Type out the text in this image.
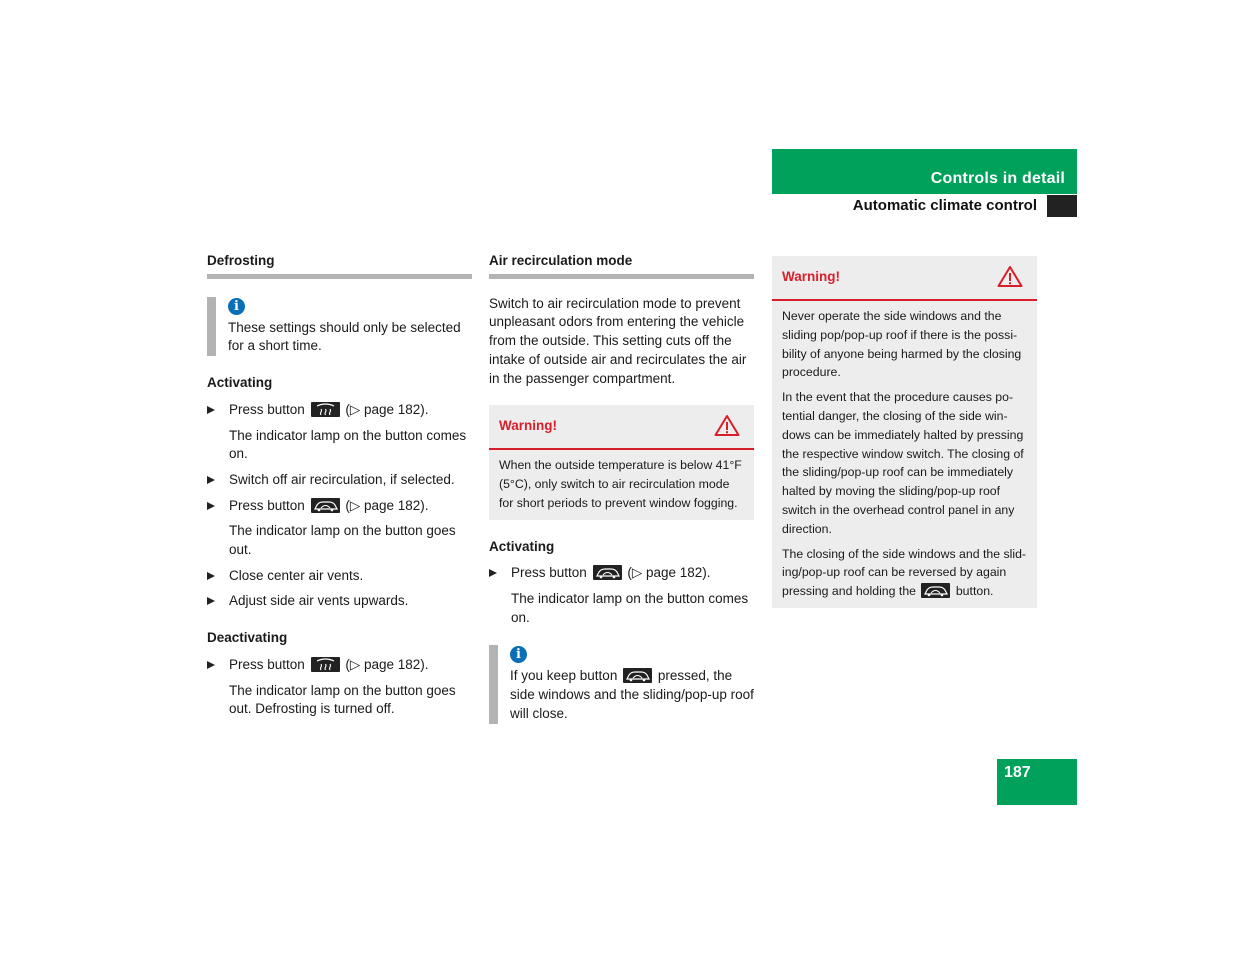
Controls in detail
Automatic climate control
Defrosting
i
These settings should only be selected for a short time.
Activating
Press button	(▷ page 182).
The indicator lamp on the button comes on.
Switch off air recirculation, if selected.
Press button	(▷ page 182).
The indicator lamp on the button goes out.
Close center air vents.
Adjust side air vents upwards.
Deactivating
Press button	(▷ page 182).
The indicator lamp on the button goes out. Defrosting is turned off.
Air recirculation mode

Switch to air recirculation mode to prevent unpleasant odors from entering the vehicle from the outside. This setting cuts off the intake of outside air and recirculates the air in the passenger compartment.

Warning!
When the outside temperature is below 41°F (5°C), only switch to air recirculation mode for short periods to prevent window fogging.
Activating
Press button	(▷ page 182).
The indicator lamp on the button comes on.
i
If you keep button	pressed, the side windows and the sliding/pop-up roof will close.
Warning!

Never operate the side windows and the sliding pop/pop-up roof if there is the possi-bility of anyone being harmed by the closing procedure.

In the event that the procedure causes po-tential danger, the closing of the side win-dows can be immediately halted by pressing the respective window switch. The closing of the sliding/pop-up roof can be immediately halted by moving the sliding/pop-up roof switch in the overhead control panel in any direction.

The closing of the side windows and the slid-ing/pop-up roof can be reversed by again pressing and holding the	button.

187
